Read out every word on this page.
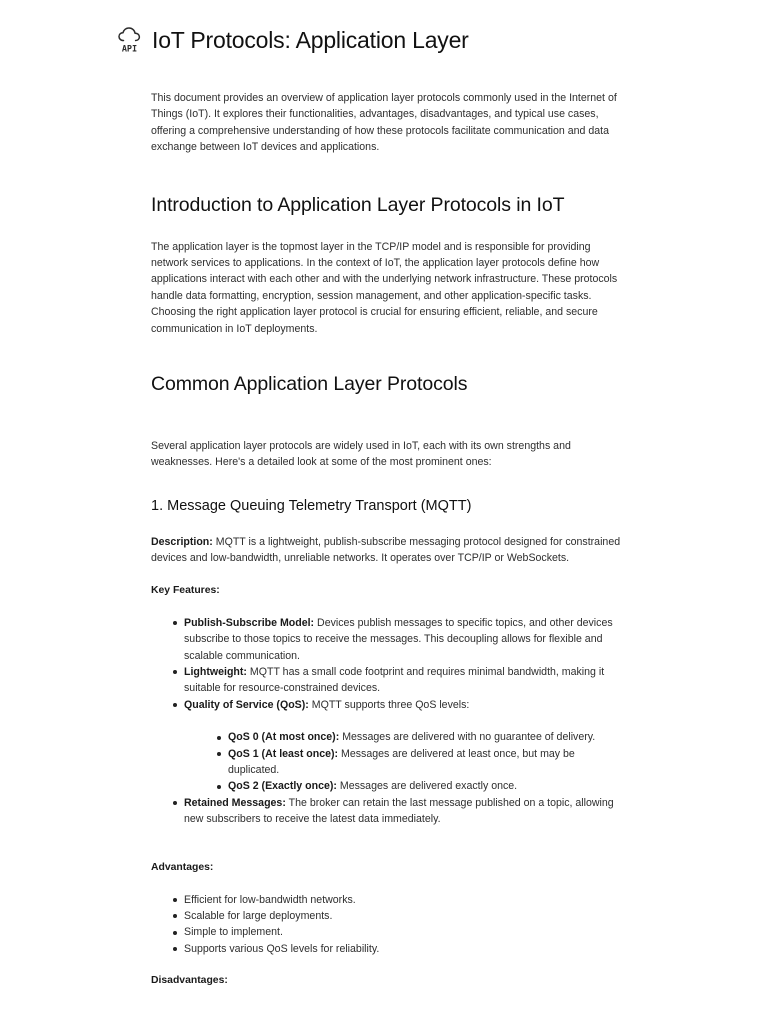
API IoT Protocols: Application Layer

This document provides an overview of application layer protocols commonly used in the Internet of Things (IoT). It explores their functionalities, advantages, disadvantages, and typical use cases, offering a comprehensive understanding of how these protocols facilitate communication and data exchange between IoT devices and applications.

Introduction to Application Layer Protocols in IoT

The application layer is the topmost layer in the TCP/IP model and is responsible for providing network services to applications. In the context of IoT, the application layer protocols define how applications interact with each other and with the underlying network infrastructure. These protocols handle data formatting, encryption, session management, and other application-specific tasks. Choosing the right application layer protocol is crucial for ensuring efficient, reliable, and secure communication in IoT deployments.

Common Application Layer Protocols

Several application layer protocols are widely used in IoT, each with its own strengths and weaknesses. Here's a detailed look at some of the most prominent ones:

1. Message Queuing Telemetry Transport (MQTT)

Description: MQTT is a lightweight, publish-subscribe messaging protocol designed for constrained devices and low-bandwidth, unreliable networks. It operates over TCP/IP or WebSockets.

Key Features:
Publish-Subscribe Model: Devices publish messages to specific topics, and other devices subscribe to those topics to receive the messages. This decoupling allows for flexible and scalable communication.
Lightweight: MQTT has a small code footprint and requires minimal bandwidth, making it suitable for resource-constrained devices.
Quality of Service (QoS): MQTT supports three QoS levels:
QoS 0 (At most once): Messages are delivered with no guarantee of delivery.
QoS 1 (At least once): Messages are delivered at least once, but may be duplicated.
QoS 2 (Exactly once): Messages are delivered exactly once.
Retained Messages: The broker can retain the last message published on a topic, allowing new subscribers to receive the latest data immediately.
Advantages:
Efficient for low-bandwidth networks.
Scalable for large deployments.
Simple to implement.
Supports various QoS levels for reliability.
Disadvantages:
